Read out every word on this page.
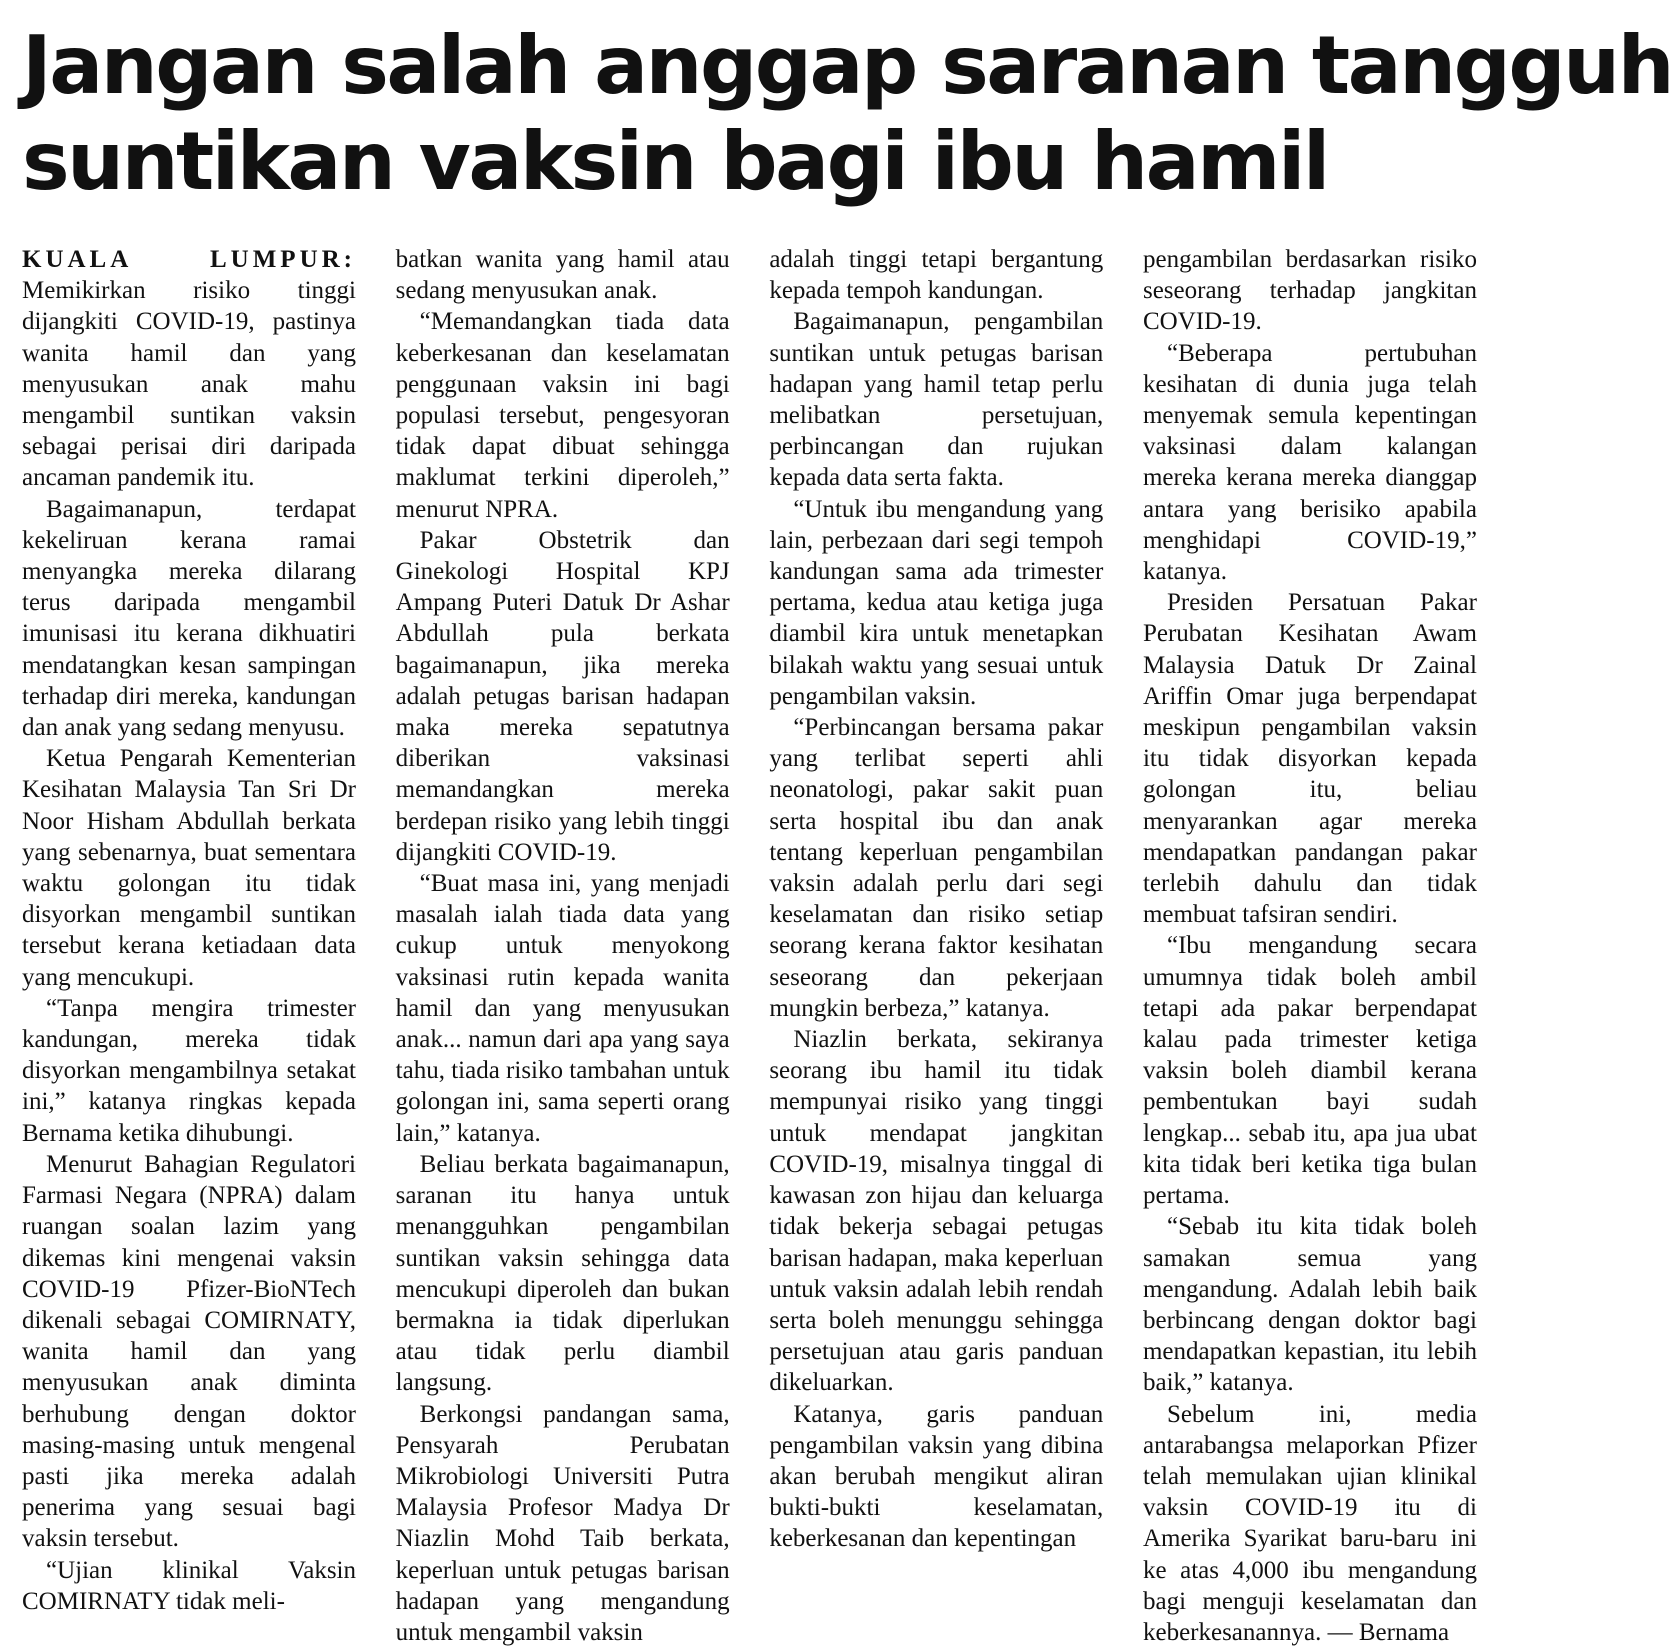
Jangan salah anggap saranan tangguh
suntikan vaksin bagi ibu hamil

KUALA LUMPUR: Memikirkan risiko tinggi dijangkiti COVID-19, pastinya wanita hamil dan yang menyusukan anak mahu mengambil suntikan vaksin sebagai perisai diri daripada ancaman pandemik itu.

Bagaimanapun, terdapat kekeliruan kerana ramai menyangka mereka dilarang terus daripada mengambil imunisasi itu kerana dikhuatiri mendatangkan kesan sampingan terhadap diri mereka, kandungan dan anak yang sedang menyusu.

Ketua Pengarah Kementerian Kesihatan Malaysia Tan Sri Dr Noor Hisham Abdullah berkata yang sebenarnya, buat sementara waktu golongan itu tidak disyorkan mengambil suntikan tersebut kerana ketiadaan data yang mencukupi.

“Tanpa mengira trimester kandungan, mereka tidak disyorkan mengambilnya setakat ini,” katanya ringkas kepada Bernama ketika dihubungi.

Menurut Bahagian Regulatori Farmasi Negara (NPRA) dalam ruangan soalan lazim yang dikemas kini mengenai vaksin COVID-19 Pfizer-BioNTech dikenali sebagai COMIRNATY, wanita hamil dan yang menyusukan anak diminta berhubung dengan doktor masing-masing untuk mengenal pasti jika mereka adalah penerima yang sesuai bagi vaksin tersebut.

“Ujian klinikal Vaksin COMIRNATY tidak meli-

batkan wanita yang hamil atau sedang menyusukan anak.

“Memandangkan tiada data keberkesanan dan keselamatan penggunaan vaksin ini bagi populasi tersebut, pengesyoran tidak dapat dibuat sehingga maklumat terkini diperoleh,” menurut NPRA.

Pakar Obstetrik dan Ginekologi Hospital KPJ Ampang Puteri Datuk Dr Ashar Abdullah pula berkata bagaimanapun, jika mereka adalah petugas barisan hadapan maka mereka sepatutnya diberikan vaksinasi memandangkan mereka berdepan risiko yang lebih tinggi dijangkiti COVID-19.

“Buat masa ini, yang menjadi masalah ialah tiada data yang cukup untuk menyokong vaksinasi rutin kepada wanita hamil dan yang menyusukan anak... namun dari apa yang saya tahu, tiada risiko tambahan untuk golongan ini, sama seperti orang lain,” katanya.

Beliau berkata bagaimanapun, saranan itu hanya untuk menangguhkan pengambilan suntikan vaksin sehingga data mencukupi diperoleh dan bukan bermakna ia tidak diperlukan atau tidak perlu diambil langsung.

Berkongsi pandangan sama, Pensyarah Perubatan Mikrobiologi Universiti Putra Malaysia Profesor Madya Dr Niazlin Mohd Taib berkata, keperluan untuk petugas barisan hadapan yang mengandung untuk mengambil vaksin

adalah tinggi tetapi bergantung kepada tempoh kandungan.

Bagaimanapun, pengambilan suntikan untuk petugas barisan hadapan yang hamil tetap perlu melibatkan persetujuan, perbincangan dan rujukan kepada data serta fakta.

“Untuk ibu mengandung yang lain, perbezaan dari segi tempoh kandungan sama ada trimester pertama, kedua atau ketiga juga diambil kira untuk menetapkan bilakah waktu yang sesuai untuk pengambilan vaksin.

“Perbincangan bersama pakar yang terlibat seperti ahli neonatologi, pakar sakit puan serta hospital ibu dan anak tentang keperluan pengambilan vaksin adalah perlu dari segi keselamatan dan risiko setiap seorang kerana faktor kesihatan seseorang dan pekerjaan mungkin berbeza,” katanya.

Niazlin berkata, sekiranya seorang ibu hamil itu tidak mempunyai risiko yang tinggi untuk mendapat jangkitan COVID-19, misalnya tinggal di kawasan zon hijau dan keluarga tidak bekerja sebagai petugas barisan hadapan, maka keperluan untuk vaksin adalah lebih rendah serta boleh menunggu sehingga persetujuan atau garis panduan dikeluarkan.

Katanya, garis panduan pengambilan vaksin yang dibina akan berubah mengikut aliran bukti-bukti keselamatan, keberkesanan dan kepentingan

pengambilan berdasarkan risiko seseorang terhadap jangkitan COVID-19.

“Beberapa pertubuhan kesihatan di dunia juga telah menyemak semula kepentingan vaksinasi dalam kalangan mereka kerana mereka dianggap antara yang berisiko apabila menghidapi COVID-19,” katanya.

Presiden Persatuan Pakar Perubatan Kesihatan Awam Malaysia Datuk Dr Zainal Ariffin Omar juga berpendapat meskipun pengambilan vaksin itu tidak disyorkan kepada golongan itu, beliau menyarankan agar mereka mendapatkan pandangan pakar terlebih dahulu dan tidak membuat tafsiran sendiri.

“Ibu mengandung secara umumnya tidak boleh ambil tetapi ada pakar berpendapat kalau pada trimester ketiga vaksin boleh diambil kerana pembentukan bayi sudah lengkap... sebab itu, apa jua ubat kita tidak beri ketika tiga bulan pertama.

“Sebab itu kita tidak boleh samakan semua yang mengandung. Adalah lebih baik berbincang dengan doktor bagi mendapatkan kepastian, itu lebih baik,” katanya.

Sebelum ini, media antarabangsa melaporkan Pfizer telah memulakan ujian klinikal vaksin COVID-19 itu di Amerika Syarikat baru-baru ini ke atas 4,000 ibu mengandung bagi menguji keselamatan dan keberkesanannya. — Bernama
